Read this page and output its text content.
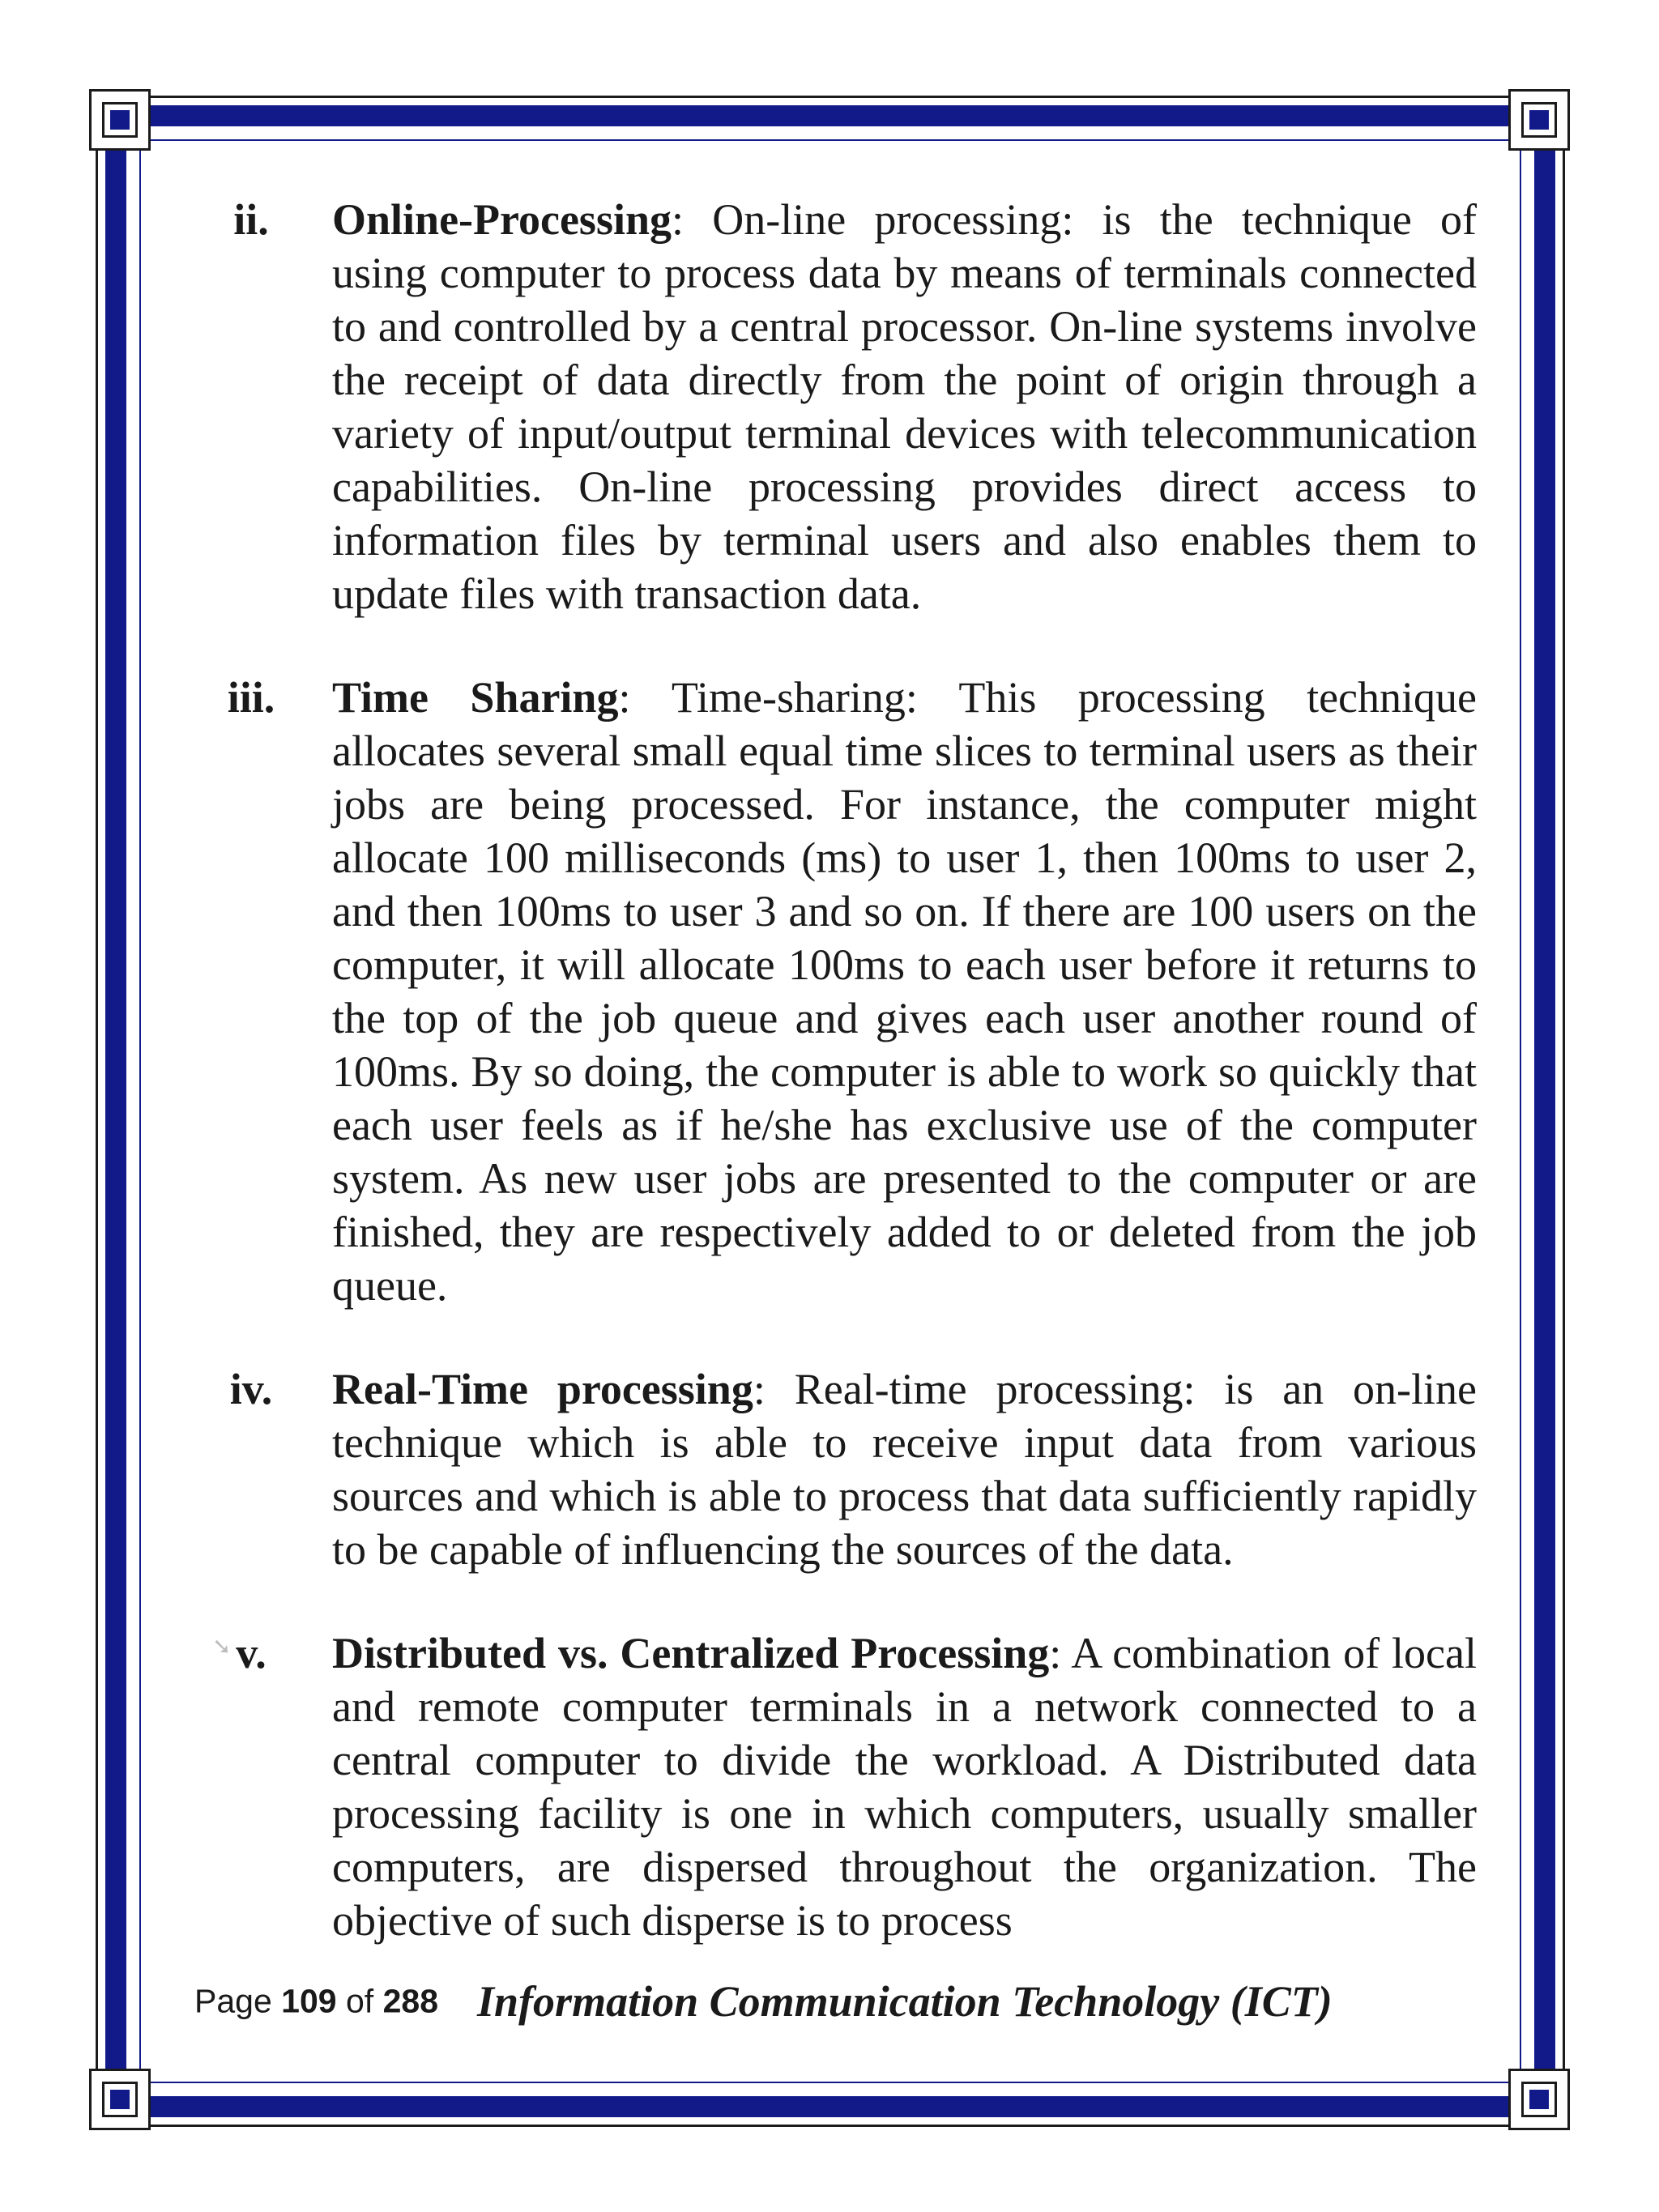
ii.	Online-Processing: On-line processing: is the technique of using computer to process data by means of terminals connected to and controlled by a central processor. On-line systems involve the receipt of data directly from the point of origin through a variety of input/output terminal devices with telecommunication capabilities. On-line processing provides direct access to information files by terminal users and also enables them to update files with transaction data.
iii.	Time Sharing: Time-sharing: This processing technique allocates several small equal time slices to terminal users as their jobs are being processed. For instance, the computer might allocate 100 milliseconds (ms) to user 1, then 100ms to user 2, and then 100ms to user 3 and so on. If there are 100 users on the computer, it will allocate 100ms to each user before it returns to the top of the job queue and gives each user another round of 100ms. By so doing, the computer is able to work so quickly that each user feels as if he/she has exclusive use of the computer system. As new user jobs are presented to the computer or are finished, they are respectively added to or deleted from the job queue.
iv.	Real-Time processing: Real-time processing: is an on-line technique which is able to receive input data from various sources and which is able to process that data sufficiently rapidly to be capable of influencing the sources of the data.
v.	Distributed vs. Centralized Processing: A combination of local and remote computer terminals in a network connected to a central computer to divide the workload. A Distributed data processing facility is one in which computers, usually smaller computers, are dispersed throughout the organization. The objective of such disperse is to process
➘
Page 109 of 288 Information Communication Technology (ICT)
